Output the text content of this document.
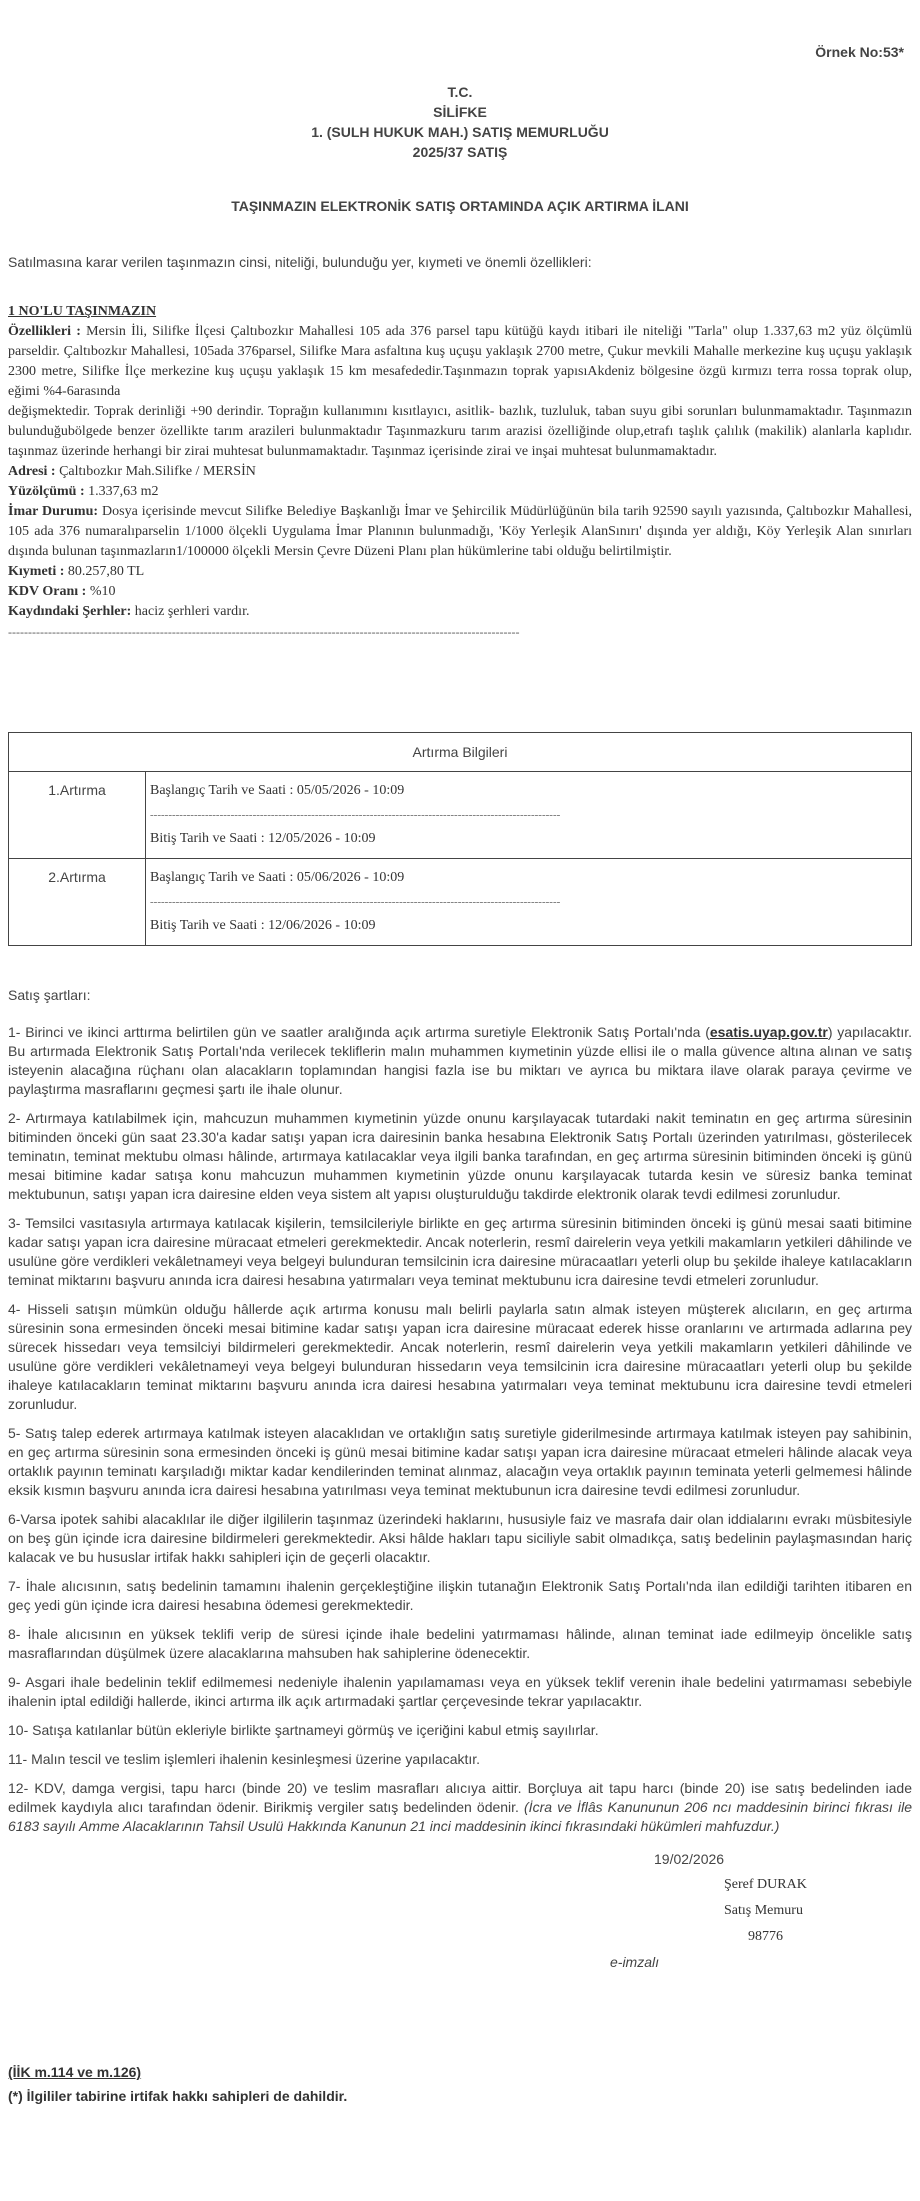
Örnek No:53*
T.C.
SİLİFKE
1. (SULH HUKUK MAH.) SATIŞ MEMURLUĞU
2025/37 SATIŞ
TAŞINMAZIN ELEKTRONİK SATIŞ ORTAMINDA AÇIK ARTIRMA İLANI
Satılmasına karar verilen taşınmazın cinsi, niteliği, bulunduğu yer, kıymeti ve önemli özellikleri:
1 NO'LU TAŞINMAZIN
Özellikleri : Mersin İli, Silifke İlçesi Çaltıbozkır Mahallesi 105 ada 376 parsel tapu kütüğü kaydı itibari ile niteliği "Tarla" olup 1.337,63 m2 yüz ölçümlü parseldir. Çaltıbozkır Mahallesi, 105ada 376parsel, Silifke Mara asfaltına kuş uçuşu yaklaşık 2700 metre, Çukur mevkili Mahalle merkezine kuş uçuşu yaklaşık 2300 metre, Silifke İlçe merkezine kuş uçuşu yaklaşık 15 km mesafededir.Taşınmazın toprak yapısıAkdeniz bölgesine özgü kırmızı terra rossa toprak olup, eğimi %4-6arasında
değişmektedir. Toprak derinliği +90 derindir. Toprağın kullanımını kısıtlayıcı, asitlik- bazlık, tuzluluk, taban suyu gibi sorunları bulunmamaktadır. Taşınmazın bulunduğubölgede benzer özellikte tarım arazileri bulunmaktadır Taşınmazkuru tarım arazisi özelliğinde olup,etrafı taşlık çalılık (makilik) alanlarla kaplıdır. taşınmaz üzerinde herhangi bir zirai muhtesat bulunmamaktadır. Taşınmaz içerisinde zirai ve inşai muhtesat bulunmamaktadır.
Adresi : Çaltıbozkır Mah.Silifke / MERSİN
Yüzölçümü : 1.337,63 m2
İmar Durumu: Dosya içerisinde mevcut Silifke Belediye Başkanlığı İmar ve Şehircilik Müdürlüğünün bila tarih 92590 sayılı yazısında, Çaltıbozkır Mahallesi, 105 ada 376 numaralıparselin 1/1000 ölçekli Uygulama İmar Planının bulunmadığı, 'Köy Yerleşik AlanSınırı' dışında yer aldığı, Köy Yerleşik Alan sınırları dışında bulunan taşınmazların1/100000 ölçekli Mersin Çevre Düzeni Planı plan hükümlerine tabi olduğu belirtilmiştir.
Kıymeti : 80.257,80 TL
KDV Oranı : %10
Kaydındaki Şerhler: haciz şerhleri vardır.
--------------------------------------------------------------------------------------------------------------------------------
Artırma Bilgileri	
1.Artırma	Başlangıç Tarih ve Saati : 05/05/2026 - 10:09
----------------------------------------------------------------------------------------------------------------
Bitiş Tarih ve Saati : 12/05/2026 - 10:09

2.Artırma	Başlangıç Tarih ve Saati : 05/06/2026 - 10:09
----------------------------------------------------------------------------------------------------------------
Bitiş Tarih ve Saati : 12/06/2026 - 10:09

Satış şartları:

1- Birinci ve ikinci arttırma belirtilen gün ve saatler aralığında açık artırma suretiyle Elektronik Satış Portalı'nda (esatis.uyap.gov.tr) yapılacaktır. Bu artırmada Elektronik Satış Portalı'nda verilecek tekliflerin malın muhammen kıymetinin yüzde ellisi ile o malla güvence altına alınan ve satış isteyenin alacağına rüçhanı olan alacakların toplamından hangisi fazla ise bu miktarı ve ayrıca bu miktara ilave olarak paraya çevirme ve paylaştırma masraflarını geçmesi şartı ile ihale olunur.

2- Artırmaya katılabilmek için, mahcuzun muhammen kıymetinin yüzde onunu karşılayacak tutardaki nakit teminatın en geç artırma süresinin bitiminden önceki gün saat 23.30'a kadar satışı yapan icra dairesinin banka hesabına Elektronik Satış Portalı üzerinden yatırılması, gösterilecek teminatın, teminat mektubu olması hâlinde, artırmaya katılacaklar veya ilgili banka tarafından, en geç artırma süresinin bitiminden önceki iş günü mesai bitimine kadar satışa konu mahcuzun muhammen kıymetinin yüzde onunu karşılayacak tutarda kesin ve süresiz banka teminat mektubunun, satışı yapan icra dairesine elden veya sistem alt yapısı oluşturulduğu takdirde elektronik olarak tevdi edilmesi zorunludur.

3- Temsilci vasıtasıyla artırmaya katılacak kişilerin, temsilcileriyle birlikte en geç artırma süresinin bitiminden önceki iş günü mesai saati bitimine kadar satışı yapan icra dairesine müracaat etmeleri gerekmektedir. Ancak noterlerin, resmî dairelerin veya yetkili makamların yetkileri dâhilinde ve usulüne göre verdikleri vekâletnameyi veya belgeyi bulunduran temsilcinin icra dairesine müracaatları yeterli olup bu şekilde ihaleye katılacakların teminat miktarını başvuru anında icra dairesi hesabına yatırmaları veya teminat mektubunu icra dairesine tevdi etmeleri zorunludur.

4- Hisseli satışın mümkün olduğu hâllerde açık artırma konusu malı belirli paylarla satın almak isteyen müşterek alıcıların, en geç artırma süresinin sona ermesinden önceki mesai bitimine kadar satışı yapan icra dairesine müracaat ederek hisse oranlarını ve artırmada adlarına pey sürecek hissedarı veya temsilciyi bildirmeleri gerekmektedir. Ancak noterlerin, resmî dairelerin veya yetkili makamların yetkileri dâhilinde ve usulüne göre verdikleri vekâletnameyi veya belgeyi bulunduran hissedarın veya temsilcinin icra dairesine müracaatları yeterli olup bu şekilde ihaleye katılacakların teminat miktarını başvuru anında icra dairesi hesabına yatırmaları veya teminat mektubunu icra dairesine tevdi etmeleri zorunludur.

5- Satış talep ederek artırmaya katılmak isteyen alacaklıdan ve ortaklığın satış suretiyle giderilmesinde artırmaya katılmak isteyen pay sahibinin, en geç artırma süresinin sona ermesinden önceki iş günü mesai bitimine kadar satışı yapan icra dairesine müracaat etmeleri hâlinde alacak veya ortaklık payının teminatı karşıladığı miktar kadar kendilerinden teminat alınmaz, alacağın veya ortaklık payının teminata yeterli gelmemesi hâlinde eksik kısmın başvuru anında icra dairesi hesabına yatırılması veya teminat mektubunun icra dairesine tevdi edilmesi zorunludur.

6-Varsa ipotek sahibi alacaklılar ile diğer ilgililerin taşınmaz üzerindeki haklarını, hususiyle faiz ve masrafa dair olan iddialarını evrakı müsbitesiyle on beş gün içinde icra dairesine bildirmeleri gerekmektedir. Aksi hâlde hakları tapu siciliyle sabit olmadıkça, satış bedelinin paylaşmasından hariç kalacak ve bu hususlar irtifak hakkı sahipleri için de geçerli olacaktır.

7- İhale alıcısının, satış bedelinin tamamını ihalenin gerçekleştiğine ilişkin tutanağın Elektronik Satış Portalı'nda ilan edildiği tarihten itibaren en geç yedi gün içinde icra dairesi hesabına ödemesi gerekmektedir.

8- İhale alıcısının en yüksek teklifi verip de süresi içinde ihale bedelini yatırmaması hâlinde, alınan teminat iade edilmeyip öncelikle satış masraflarından düşülmek üzere alacaklarına mahsuben hak sahiplerine ödenecektir.

9- Asgari ihale bedelinin teklif edilmemesi nedeniyle ihalenin yapılamaması veya en yüksek teklif verenin ihale bedelini yatırmaması sebebiyle ihalenin iptal edildiği hallerde, ikinci artırma ilk açık artırmadaki şartlar çerçevesinde tekrar yapılacaktır.

10- Satışa katılanlar bütün ekleriyle birlikte şartnameyi görmüş ve içeriğini kabul etmiş sayılırlar.

11- Malın tescil ve teslim işlemleri ihalenin kesinleşmesi üzerine yapılacaktır.

12- KDV, damga vergisi, tapu harcı (binde 20) ve teslim masrafları alıcıya aittir. Borçluya ait tapu harcı (binde 20) ise satış bedelinden iade edilmek kaydıyla alıcı tarafından ödenir. Birikmiş vergiler satış bedelinden ödenir. (İcra ve İflâs Kanununun 206 ncı maddesinin birinci fıkrası ile 6183 sayılı Amme Alacaklarının Tahsil Usulü Hakkında Kanunun 21 inci maddesinin ikinci fıkrasındaki hükümleri mahfuzdur.)

19/02/2026
Şeref DURAK
Satış Memuru
98776
e-imzalı
(İİK m.114 ve m.126)
(*) İlgililer tabirine irtifak hakkı sahipleri de dahildir.
